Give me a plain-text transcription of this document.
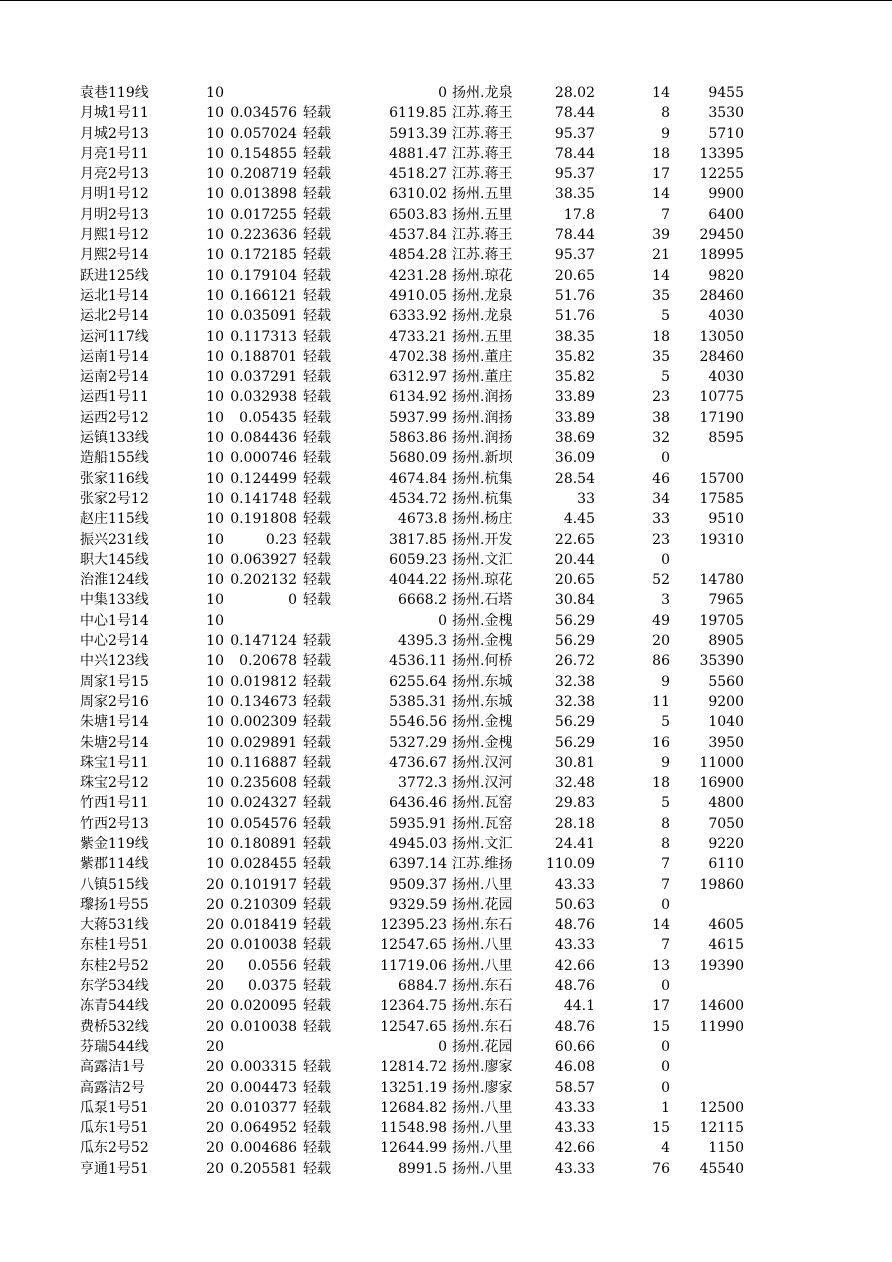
袁巷119线	10	0 扬州.龙泉	28.02	14	9455
月城1号11	10 0.034576 轻载	6119.85 江苏.蒋王	78.44	8	3530
月城2号13	10 0.057024 轻载	5913.39 江苏.蒋王	95.37	9	5710
月亮1号11	10 0.154855 轻载	4881.47 江苏.蒋王	78.44	18	13395
月亮2号13	10 0.208719 轻载	4518.27 江苏.蒋王	95.37	17	12255
月明1号12	10 0.013898 轻载	6310.02 扬州.五里	38.35	14	9900
月明2号13	10 0.017255 轻载	6503.83 扬州.五里	17.8	7	6400
月熙1号12	10 0.223636 轻载	4537.84 江苏.蒋王	78.44	39	29450
月熙2号14	10 0.172185 轻载	4854.28 江苏.蒋王	95.37	21	18995
跃进125线	10 0.179104 轻载	4231.28 扬州.琼花	20.65	14	9820
运北1号14	10 0.166121 轻载	4910.05 扬州.龙泉	51.76	35	28460
运北2号14	10 0.035091 轻载	6333.92 扬州.龙泉	51.76	5	4030
运河117线	10 0.117313 轻载	4733.21 扬州.五里	38.35	18	13050
运南1号14	10 0.188701 轻载	4702.38 扬州.董庄	35.82	35	28460
运南2号14	10 0.037291 轻载	6312.97 扬州.董庄	35.82	5	4030
运西1号11	10 0.032938 轻载	6134.92 扬州.润扬	33.89	23	10775
运西2号12	10	0.05435 轻载	5937.99 扬州.润扬	33.89	38	17190
运镇133线	10 0.084436 轻载	5863.86 扬州.润扬	38.69	32	8595
造船155线	10 0.000746 轻载	5680.09 扬州.新坝	36.09	0
张家116线	10 0.124499 轻载	4674.84 扬州.杭集	28.54	46	15700
张家2号12	10 0.141748 轻载	4534.72 扬州.杭集	33	34	17585
赵庄115线	10 0.191808 轻载	4673.8 扬州.杨庄	4.45	33	9510
振兴231线	10	0.23 轻载	3817.85 扬州.开发	22.65	23	19310
职大145线	10 0.063927 轻载	6059.23 扬州.文汇	20.44	0
治淮124线	10 0.202132 轻载	4044.22 扬州.琼花	20.65	52	14780
中集133线	10	0 轻载	6668.2 扬州.石塔	30.84	3	7965
中心1号14	10	0 扬州.金槐	56.29	49	19705
中心2号14	10 0.147124 轻载	4395.3 扬州.金槐	56.29	20	8905
中兴123线	10	0.20678 轻载	4536.11 扬州.何桥	26.72	86	35390
周家1号15	10 0.019812 轻载	6255.64 扬州.东城	32.38	9	5560
周家2号16	10 0.134673 轻载	5385.31 扬州.东城	32.38	11	9200
朱塘1号14	10 0.002309 轻载	5546.56 扬州.金槐	56.29	5	1040
朱塘2号14	10 0.029891 轻载	5327.29 扬州.金槐	56.29	16	3950
珠宝1号11	10 0.116887 轻载	4736.67 扬州.汉河	30.81	9	11000
珠宝2号12	10 0.235608 轻载	3772.3 扬州.汉河	32.48	18	16900
竹西1号11	10 0.024327 轻载	6436.46 扬州.瓦窑	29.83	5	4800
竹西2号13	10 0.054576 轻载	5935.91 扬州.瓦窑	28.18	8	7050
紫金119线	10 0.180891 轻载	4945.03 扬州.文汇	24.41	8	9220
紫郡114线	10 0.028455 轻载	6397.14 江苏.维扬	110.09	7	6110
八镇515线	20 0.101917 轻载	9509.37 扬州.八里	43.33	7	19860
瓈扬1号55	20 0.210309 轻载	9329.59 扬州.花园	50.63	0
大蒋531线	20 0.018419 轻载	12395.23 扬州.东石	48.76	14	4605
东桂1号51	20 0.010038 轻载	12547.65 扬州.八里	43.33	7	4615
东桂2号52	20	0.0556 轻载	11719.06 扬州.八里	42.66	13	19390
东学534线	20	0.0375 轻载	6884.7 扬州.东石	48.76	0
冻青544线	20 0.020095 轻载	12364.75 扬州.东石	44.1	17	14600
费桥532线	20 0.010038 轻载	12547.65 扬州.东石	48.76	15	11990
芬瑞544线	20	0 扬州.花园	60.66	0
高露洁1号	20 0.003315 轻载	12814.72 扬州.廖家	46.08	0
高露洁2号	20 0.004473 轻载	13251.19 扬州.廖家	58.57	0
瓜泵1号51	20 0.010377 轻载	12684.82 扬州.八里	43.33	1	12500
瓜东1号51	20 0.064952 轻载	11548.98 扬州.八里	43.33	15	12115
瓜东2号52	20 0.004686 轻载	12644.99 扬州.八里	42.66	4	1150
亨通1号51	20 0.205581 轻载	8991.5 扬州.八里	43.33	76	45540
